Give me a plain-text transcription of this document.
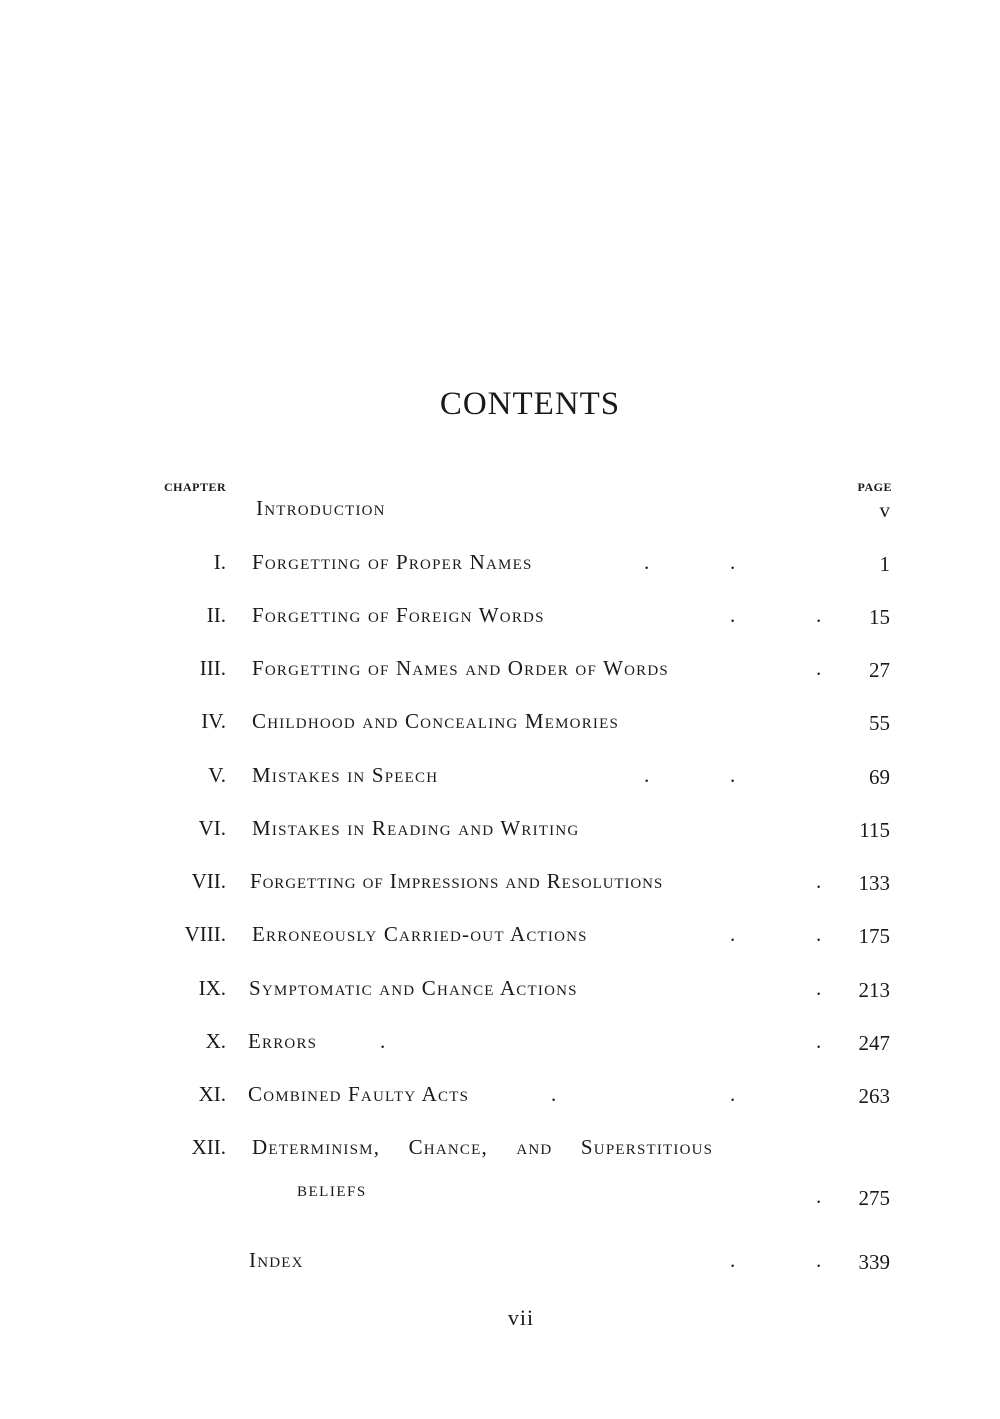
CONTENTS
CHAPTER	PAGE
Introduction	v
I. Forgetting of Proper Names	.	.	1
II. Forgetting of Foreign Words	.	. 15
III. Forgetting of Names and Order of Words	. 27
IV. Childhood and Concealing Memories	55
V. Mistakes in Speech	.	.	69
VI. Mistakes in Reading and Writing	115
VII. Forgetting of Impressions and Resolutions	. 133
VIII. Erroneously Carried-out Actions	.	. 175
IX. Symptomatic and Chance Actions	. 213
X. Errors	.	. 247
XI. Combined Faulty Acts	.	.	263
XII. Determinism, Chance, and Superstitious
BELIEFS	. 275
Index	.	. 339
vii
